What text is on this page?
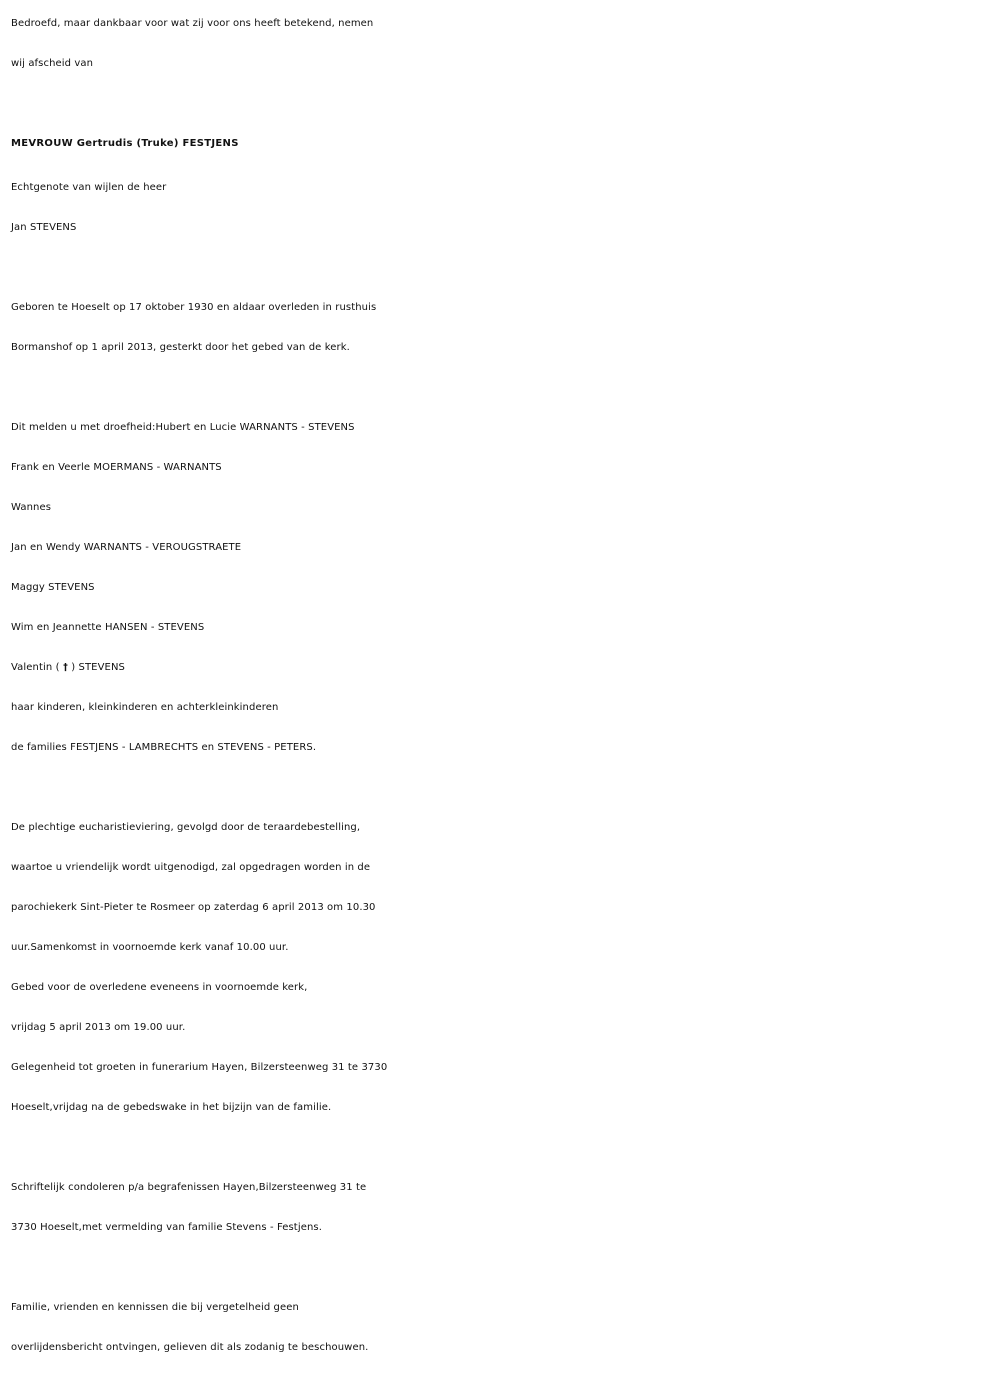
Bedroefd, maar dankbaar voor wat zij voor ons heeft betekend, nemen
wij afscheid van
MEVROUW Gertrudis (Truke) FESTJENS
Echtgenote van wijlen de heer
Jan STEVENS
Geboren te Hoeselt op 17 oktober 1930 en aldaar overleden in rusthuis
Bormanshof op 1 april 2013, gesterkt door het gebed van de kerk.
Dit melden u met droefheid:Hubert en Lucie WARNANTS - STEVENS
Frank en Veerle MOERMANS - WARNANTS
Wannes
Jan en Wendy WARNANTS - VEROUGSTRAETE
Maggy STEVENS
Wim en Jeannette HANSEN - STEVENS
Valentin ( † ) STEVENS
haar kinderen, kleinkinderen en achterkleinkinderen
de families FESTJENS - LAMBRECHTS en STEVENS - PETERS.
De plechtige eucharistieviering, gevolgd door de teraardebestelling,
waartoe u vriendelijk wordt uitgenodigd, zal opgedragen worden in de
parochiekerk Sint-Pieter te Rosmeer op zaterdag 6 april 2013 om 10.30
uur.Samenkomst in voornoemde kerk vanaf 10.00 uur.
Gebed voor de overledene eveneens in voornoemde kerk,
vrijdag 5 april 2013 om 19.00 uur.
Gelegenheid tot groeten in funerarium Hayen, Bilzersteenweg 31 te 3730
Hoeselt,vrijdag na de gebedswake in het bijzijn van de familie.
Schriftelijk condoleren p/a begrafenissen Hayen,Bilzersteenweg 31 te
3730 Hoeselt,met vermelding van familie Stevens - Festjens.
Familie, vrienden en kennissen die bij vergetelheid geen
overlijdensbericht ontvingen, gelieven dit als zodanig te beschouwen.
